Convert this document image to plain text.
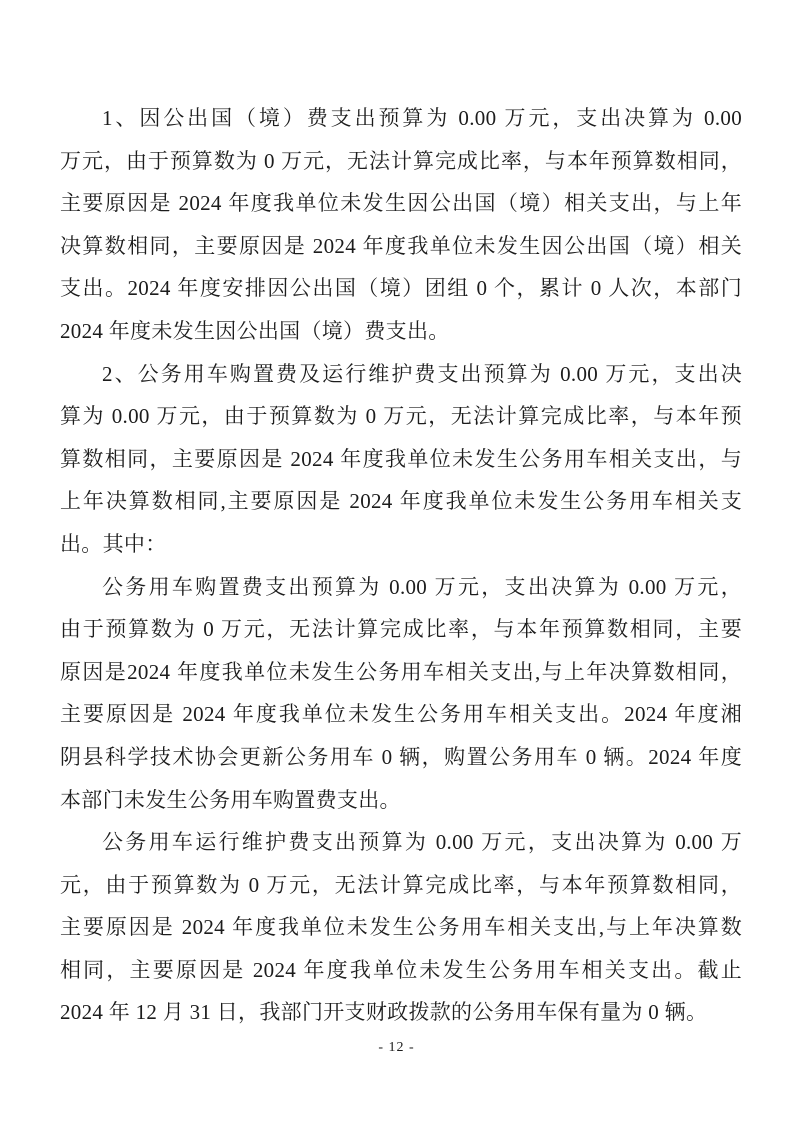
1、因公出国（境）费支出预算为 0.00 万元，支出决算为 0.00
万元，由于预算数为 0 万元，无法计算完成比率，与本年预算数相同，
主要原因是 2024 年度我单位未发生因公出国（境）相关支出，与上年
决算数相同，主要原因是 2024 年度我单位未发生因公出国（境）相关
支出。2024 年度安排因公出国（境）团组 0 个，累计 0 人次，本部门
2024 年度未发生因公出国（境）费支出。
2、公务用车购置费及运行维护费支出预算为 0.00 万元，支出决
算为 0.00 万元，由于预算数为 0 万元，无法计算完成比率，与本年预
算数相同，主要原因是 2024 年度我单位未发生公务用车相关支出，与
上年决算数相同,主要原因是 2024 年度我单位未发生公务用车相关支
出。其中：
公务用车购置费支出预算为 0.00 万元，支出决算为 0.00 万元，
由于预算数为 0 万元，无法计算完成比率，与本年预算数相同，主要
原因是2024 年度我单位未发生公务用车相关支出,与上年决算数相同，
主要原因是 2024 年度我单位未发生公务用车相关支出。2024 年度湘
阴县科学技术协会更新公务用车 0 辆，购置公务用车 0 辆。2024 年度
本部门未发生公务用车购置费支出。
公务用车运行维护费支出预算为 0.00 万元，支出决算为 0.00 万
元，由于预算数为 0 万元，无法计算完成比率，与本年预算数相同，
主要原因是 2024 年度我单位未发生公务用车相关支出,与上年决算数
相同，主要原因是 2024 年度我单位未发生公务用车相关支出。截止
2024 年 12 月 31 日，我部门开支财政拨款的公务用车保有量为 0 辆。
- 12 -
